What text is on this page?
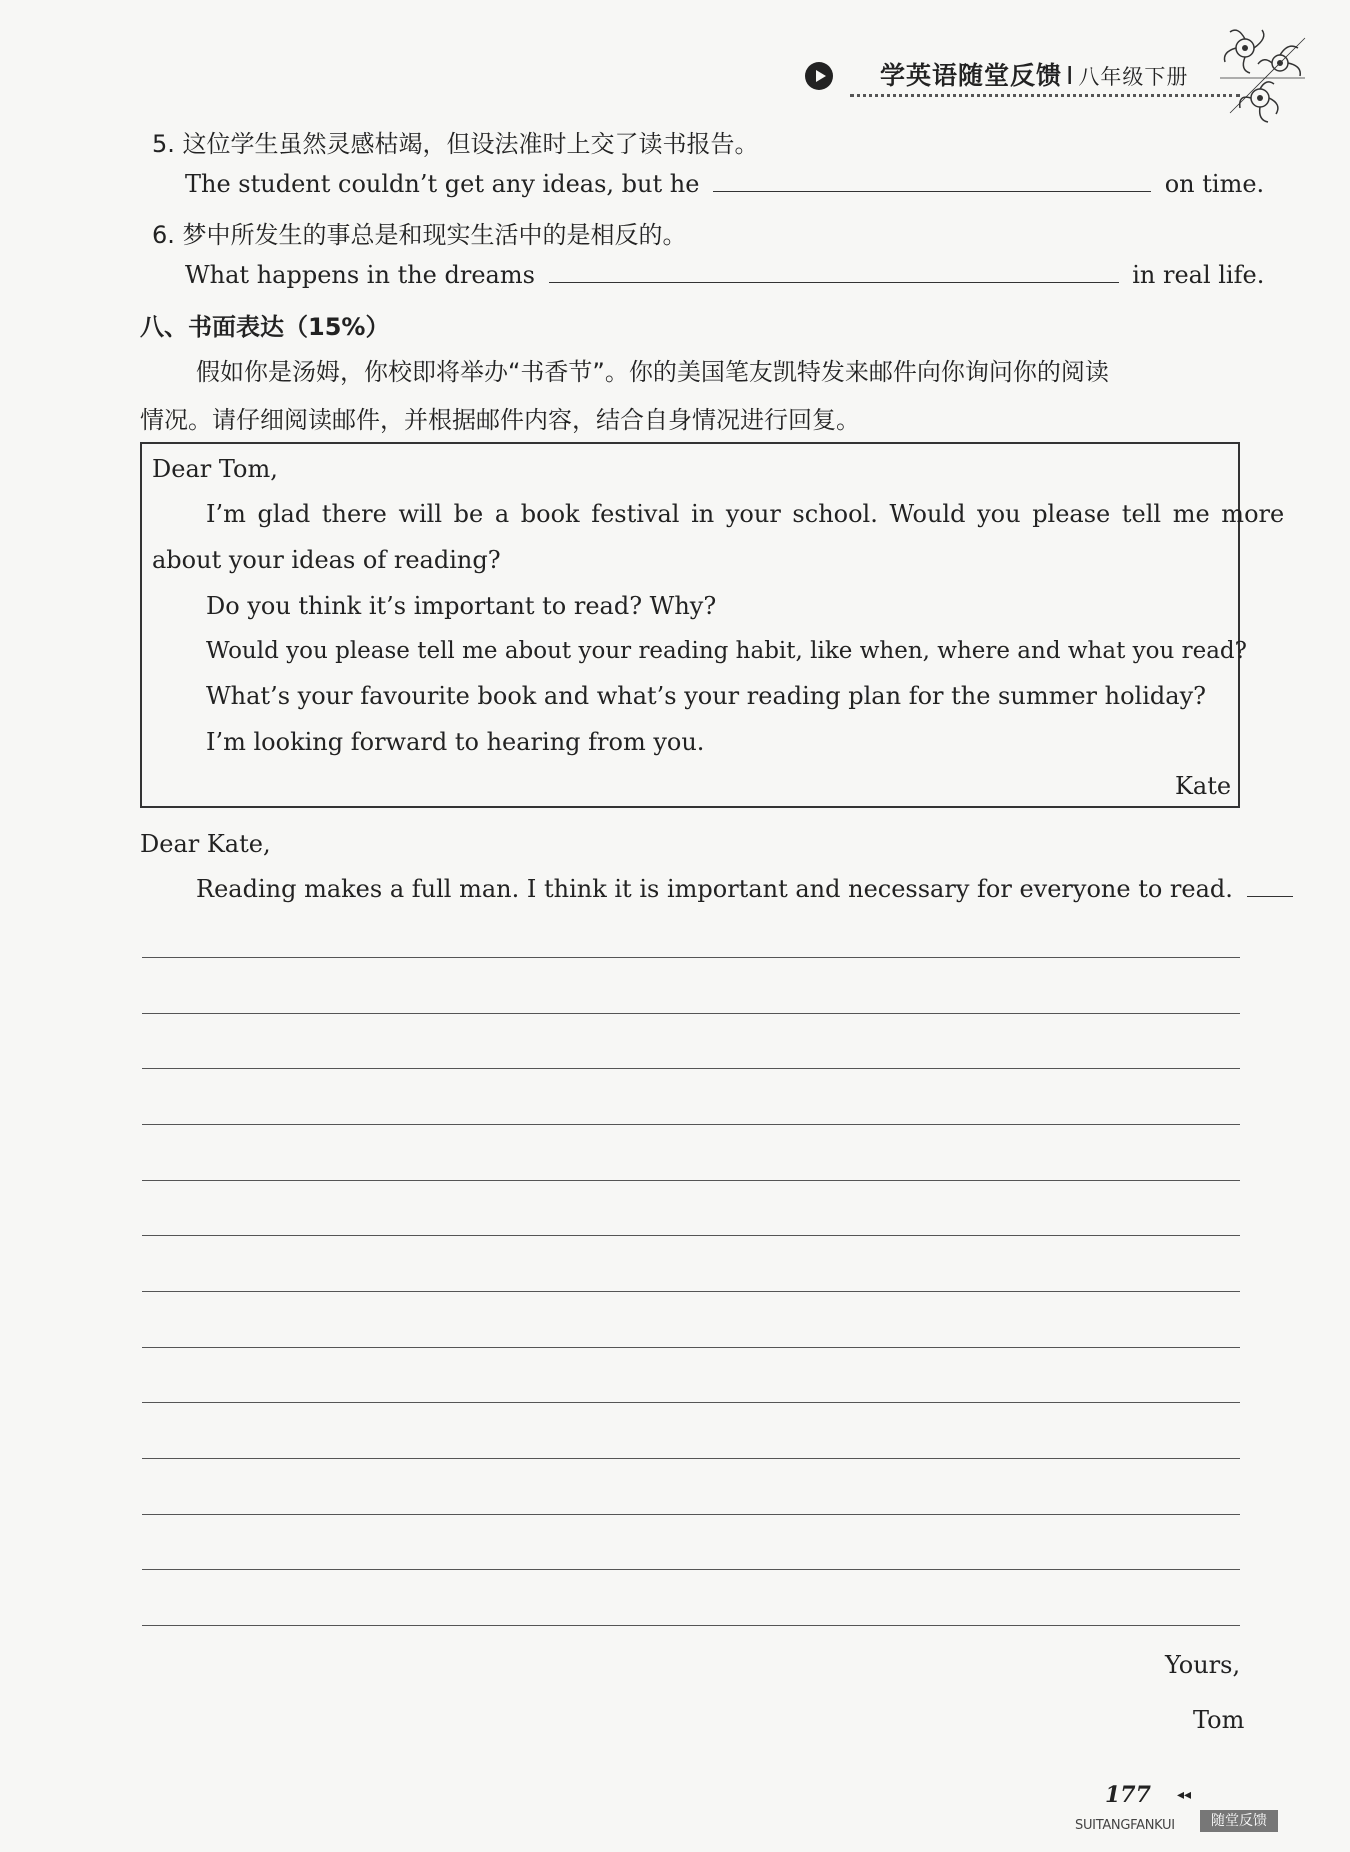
学英语随堂反馈 I 八年级下册
5. 这位学生虽然灵感枯竭，但设法准时上交了读书报告。
The student couldn’t get any ideas, but he	on time.
6. 梦中所发生的事总是和现实生活中的是相反的。
What happens in the dreams	in real life.
八、书面表达（15%）
假如你是汤姆，你校即将举办“书香节”。你的美国笔友凯特发来邮件向你询问你的阅读
情况。请仔细阅读邮件，并根据邮件内容，结合自身情况进行回复。
Dear Tom,
I’m glad there will be a book festival in your school. Would you please tell me more
about your ideas of reading?
Do you think it’s important to read? Why?
Would you please tell me about your reading habit, like when, where and what you read?
What’s your favourite book and what’s your reading plan for the summer holiday?
I’m looking forward to hearing from you.
Kate
Dear Kate,
Reading makes a full man. I think it is important and necessary for everyone to read.
Yours,
Tom
177 ◂◂
SUITANGFANKUI	随堂反馈
